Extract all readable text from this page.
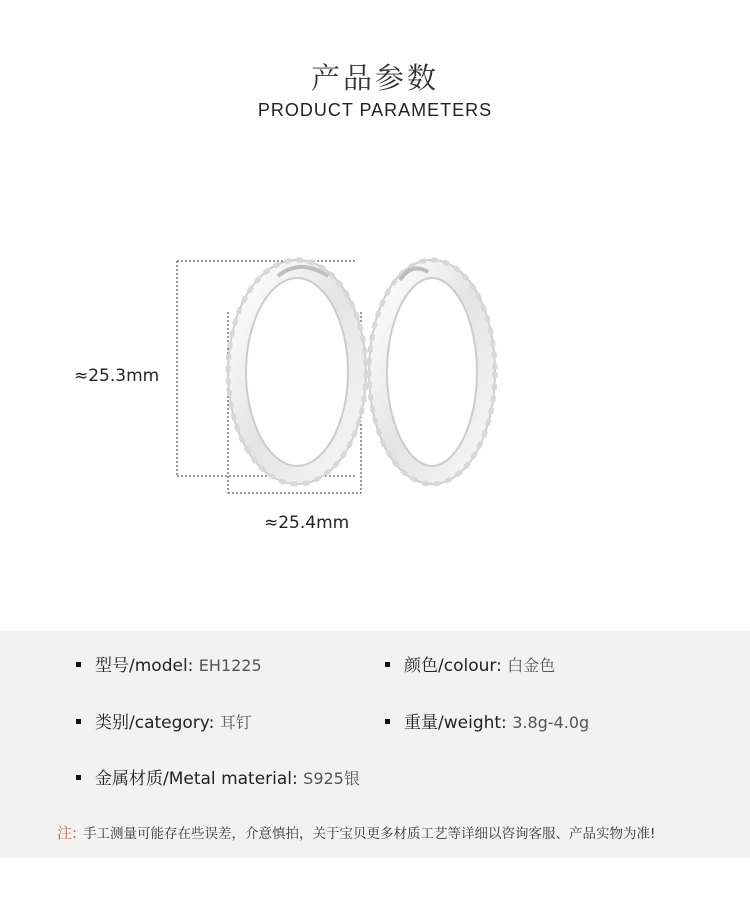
产品参数
PRODUCT PARAMETERS
≈25.3mm
≈25.4mm
型号/model: EH1225	颜色/colour: 白金色
类别/category: 耳钉	重量/weight: 3.8g-4.0g
金属材质/Metal material: S925银
注: 手工测量可能存在些误差，介意慎拍，关于宝贝更多材质工艺等详细以咨询客服、产品实物为准!
